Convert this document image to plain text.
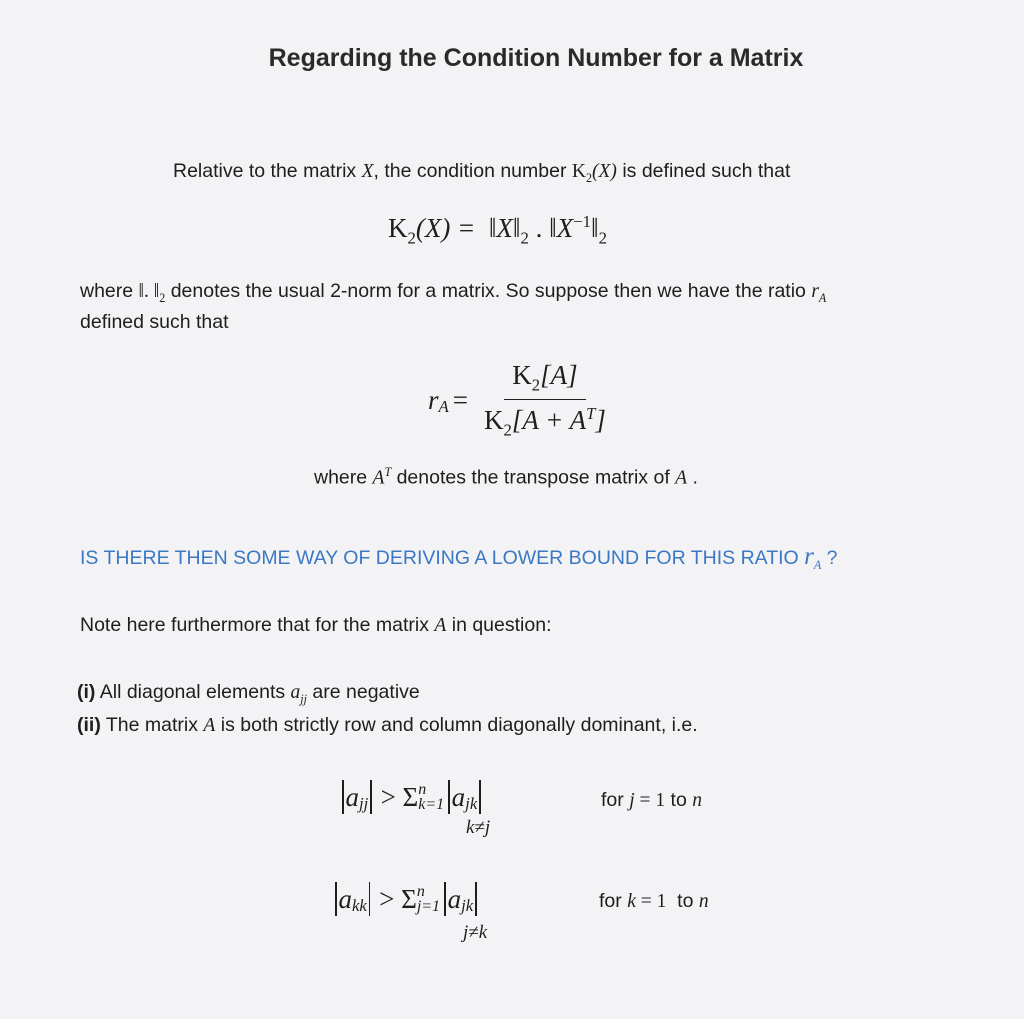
Regarding the Condition Number for a Matrix
Relative to the matrix X, the condition number $K_2(X)$ is defined such that
$K_2(X)$ = $‖X‖_2$ . $‖X^{-1}‖_2$
where ‖. $‖_2$ denotes the usual 2-norm for a matrix. So suppose then we have the ratio $r_A$
defined such that
$r_A = \frac{K_2[A]}{K_2[A + A^T]}$
where $A^T$ denotes the transpose matrix of A .
IS THERE THEN SOME WAY OF DERIVING A LOWER BOUND FOR THIS RATIO $r_A$ ?
Note here furthermore that for the matrix A in question:
(i) All diagonal elements $a_{jj}$ are negative
(ii) The matrix A is both strictly row and column diagonally dominant, i.e.
$a_{jj} > \Sigma$ n
k=1 $a_{jk}$
k≠j
for j = 1 to n
$a_{kk} > \Sigma$ n
j=1 $a_{jk}$
j≠k
for k = 1  to n
